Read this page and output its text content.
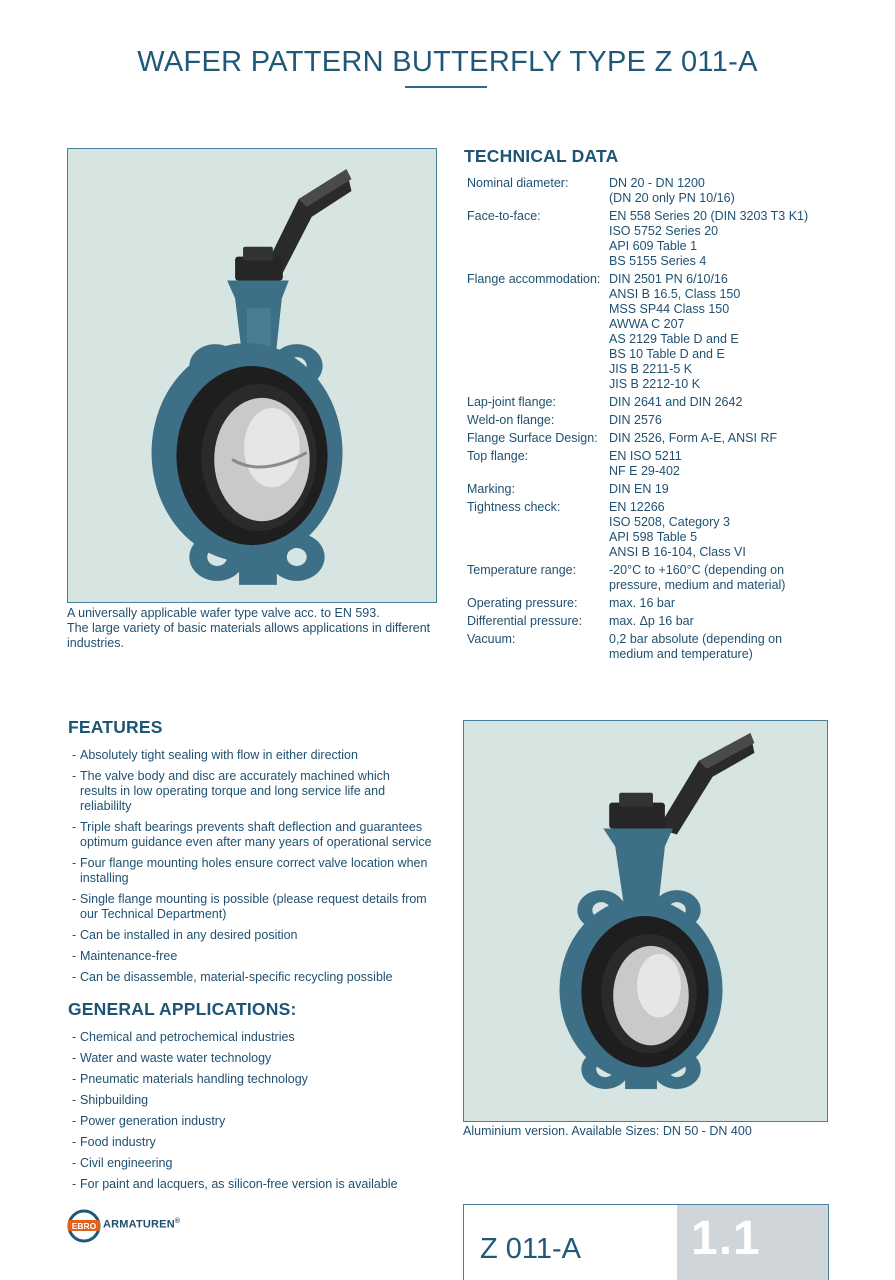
WAFER PATTERN BUTTERFLY TYPE Z 011-A
A universally applicable wafer type valve acc. to EN 593.
The large variety of basic materials allows applications in different
industries.
TECHNICAL DATA
Nominal diameter:	DN 20 - DN 1200
(DN 20 only PN 10/16)
Face-to-face:	EN 558 Series 20 (DIN 3203 T3 K1)
ISO 5752 Series 20
API 609 Table 1
BS 5155 Series 4
Flange accommodation: DIN 2501 PN 6/10/16
ANSI B 16.5, Class 150
MSS SP44 Class 150
AWWA C 207
AS 2129 Table D and E
BS 10 Table D and E
JIS B 2211-5 K
JIS B 2212-10 K
Lap-joint flange:	DIN 2641 and DIN 2642
Weld-on flange:	DIN 2576
Flange Surface Design: DIN 2526, Form A-E, ANSI RF
Top flange:	EN ISO 5211
NF E 29-402
Marking:	DIN EN 19
Tightness check:	EN 12266
ISO 5208, Category 3
API 598 Table 5
ANSI B 16-104, Class VI
Temperature range:	-20°C to +160°C (depending on
pressure, medium and material)
Operating pressure:	max. 16 bar
Differential pressure:	max. Δp 16 bar
Vacuum:	0,2 bar absolute (depending on
medium and temperature)
FEATURES
- Absolutely tight sealing with flow in either direction
- The valve body and disc are accurately machined which
results in low operating torque and long service life and
reliabililty
- Triple shaft bearings prevents shaft deflection and guarantees
optimum guidance even after many years of operational service
- Four flange mounting holes ensure correct valve location when
installing
- Single flange mounting is possible (please request details from
our Technical Department)
- Can be installed in any desired position
- Maintenance-free
- Can be disassemble, material-specific recycling possible
GENERAL APPLICATIONS:
- Chemical and petrochemical industries
- Water and waste water technology
- Pneumatic materials handling technology
- Shipbuilding
- Power generation industry
- Food industry
- Civil engineering
- For paint and lacquers, as silicon-free version is available
Aluminium version. Available Sizes: DN 50 - DN 400
EBRO ARMATUREN®
Z 011-A 1.1
